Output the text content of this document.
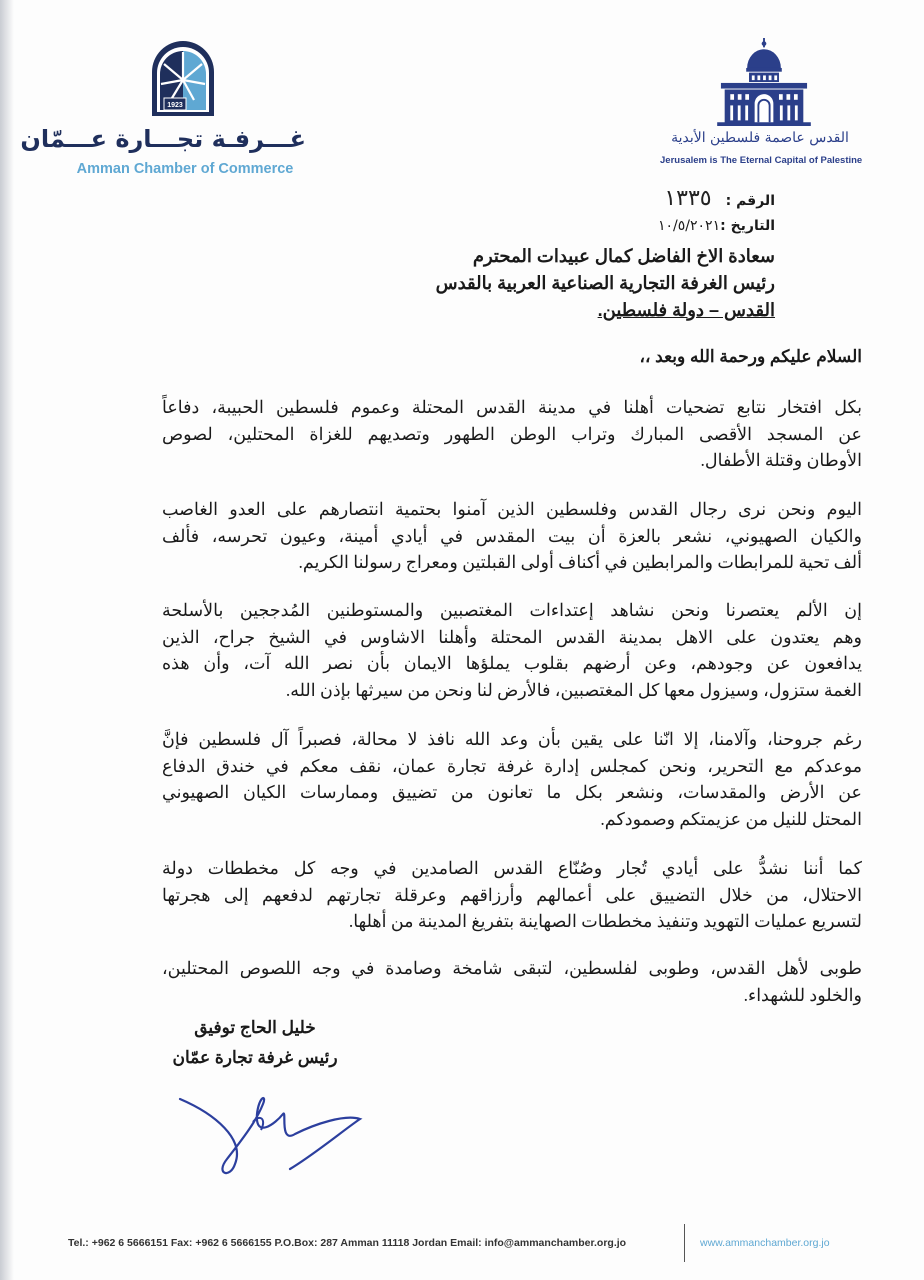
1923
غـــرفـة تجـــارة عـــمّان
Amman Chamber of Commerce
القدس عاصمة فلسطين الأبدية
Jerusalem is The Eternal Capital of Palestine
الرقم :١٣٣٥
التاريخ :١٠/٥/٢٠٢١
سعادة الاخ الفاضل كمال عبيدات المحترم
رئيس الغرفة التجارية الصناعية العربية بالقدس
القدس – دولة فلسطين.
السلام عليكم ورحمة الله وبعد ،،
بكل افتخار نتابع تضحيات أهلنا في مدينة القدس المحتلة وعموم فلسطين الحبيبة، دفاعاً
عن المسجد الأقصى المبارك وتراب الوطن الطهور وتصديهم للغزاة المحتلين، لصوص
الأوطان وقتلة الأطفال.
اليوم ونحن نرى رجال القدس وفلسطين الذين آمنوا بحتمية انتصارهم على العدو الغاصب
والكيان الصهيوني، نشعر بالعزة أن بيت المقدس في أيادي أمينة، وعيون تحرسه، فألف
ألف تحية للمرابطات والمرابطين في أكناف أولى القبلتين ومعراج رسولنا الكريم.
إن الألم يعتصرنا ونحن نشاهد إعتداءات المغتصبين والمستوطنين المُدججين بالأسلحة
وهم يعتدون على الاهل بمدينة القدس المحتلة وأهلنا الاشاوس في الشيخ جراح، الذين
يدافعون عن وجودهم، وعن أرضهم بقلوب يملؤها الايمان بأن نصر الله آت، وأن هذه
الغمة ستزول، وسيزول معها كل المغتصبين، فالأرض لنا ونحن من سيرثها بإذن الله.
رغم جروحنا، وآلامنا، إلا انّنا على يقين بأن وعد الله نافذ لا محالة، فصبراً آل فلسطين فإنَّ
موعدكم مع التحرير، ونحن كمجلس إدارة غرفة تجارة عمان، نقف معكم في خندق الدفاع
عن الأرض والمقدسات، ونشعر بكل ما تعانون من تضييق وممارسات الكيان الصهيوني
المحتل للنيل من عزيمتكم وصمودكم.
كما أننا نشدُّ على أيادي تُجار وصُنّاع القدس الصامدين في وجه كل مخططات دولة
الاحتلال، من خلال التضييق على أعمالهم وأرزاقهم وعرقلة تجارتهم لدفعهم إلى هجرتها
لتسريع عمليات التهويد وتنفيذ مخططات الصهاينة بتفريغ المدينة من أهلها.
طوبى لأهل القدس، وطوبى لفلسطين، لتبقى شامخة وصامدة في وجه اللصوص المحتلين،
والخلود للشهداء.
خليل الحاج توفيق
رئيس غرفة تجارة عمّان
Tel.: +962 6 5666151 Fax: +962 6 5666155 P.O.Box: 287 Amman 11118 Jordan Email: info@ammanchamber.org.jo	www.ammanchamber.org.jo
